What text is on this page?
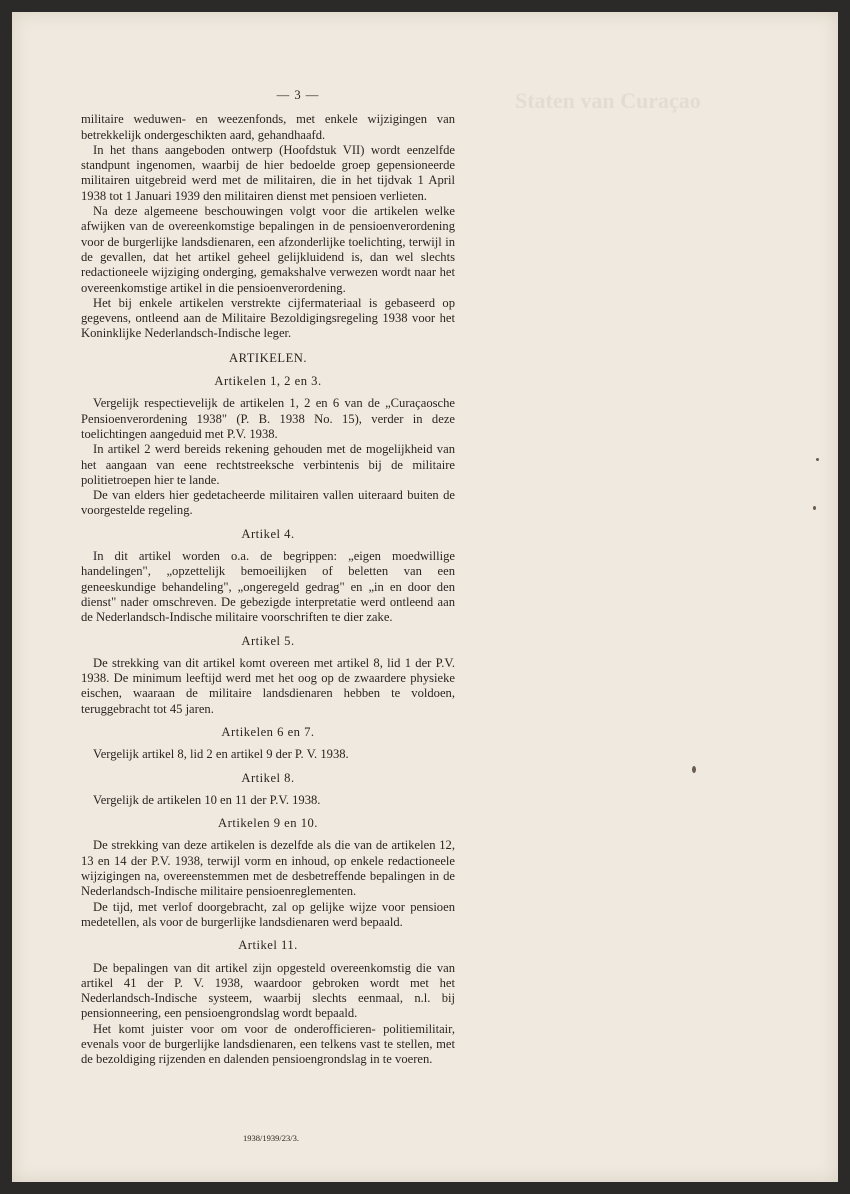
Staten van Curaçao
— 3 —

militaire weduwen- en weezenfonds, met enkele wijzigingen van betrekkelijk ondergeschikten aard, gehandhaafd.

In het thans aangeboden ontwerp (Hoofdstuk VII) wordt eenzelfde standpunt ingenomen, waarbij de hier bedoelde groep gepensioneerde militairen uitgebreid werd met de militairen, die in het tijdvak 1 April 1938 tot 1 Januari 1939 den militairen dienst met pensioen verlieten.

Na deze algemeene beschouwingen volgt voor die artikelen welke afwijken van de overeenkomstige bepalingen in de pensioenverordening voor de burgerlijke landsdienaren, een afzonderlijke toelichting, terwijl in de gevallen, dat het artikel geheel gelijkluidend is, dan wel slechts redactioneele wijziging onderging, gemakshalve verwezen wordt naar het overeenkomstige artikel in die pensioenverordening.

Het bij enkele artikelen verstrekte cijfermateriaal is gebaseerd op gegevens, ontleend aan de Militaire Bezoldigingsregeling 1938 voor het Koninklijke Nederlandsch-Indische leger.

ARTIKELEN.
Artikelen 1, 2 en 3.

Vergelijk respectievelijk de artikelen 1, 2 en 6 van de „Curaçaosche Pensioenverordening 1938" (P. B. 1938 No. 15), verder in deze toelichtingen aangeduid met P.V. 1938.

In artikel 2 werd bereids rekening gehouden met de mogelijkheid van het aangaan van eene rechtstreeksche verbintenis bij de militaire politietroepen hier te lande.

De van elders hier gedetacheerde militairen vallen uiteraard buiten de voorgestelde regeling.

Artikel 4.

In dit artikel worden o.a. de begrippen: „eigen moedwillige handelingen", „opzettelijk bemoeilijken of beletten van een geneeskundige behandeling", „ongeregeld gedrag" en „in en door den dienst" nader omschreven. De gebezigde interpretatie werd ontleend aan de Nederlandsch-Indische militaire voorschriften te dier zake.

Artikel 5.

De strekking van dit artikel komt overeen met artikel 8, lid 1 der P.V. 1938. De minimum leeftijd werd met het oog op de zwaardere physieke eischen, waaraan de militaire landsdienaren hebben te voldoen, teruggebracht tot 45 jaren.

Artikelen 6 en 7.

Vergelijk artikel 8, lid 2 en artikel 9 der P. V. 1938.

Artikel 8.

Vergelijk de artikelen 10 en 11 der P.V. 1938.

Artikelen 9 en 10.

De strekking van deze artikelen is dezelfde als die van de artikelen 12, 13 en 14 der P.V. 1938, terwijl vorm en inhoud, op enkele redactioneele wijzigingen na, overeenstemmen met de desbetreffende bepalingen in de Nederlandsch-Indische militaire pensioenreglementen.

De tijd, met verlof doorgebracht, zal op gelijke wijze voor pensioen medetellen, als voor de burgerlijke landsdienaren werd bepaald.

Artikel 11.

De bepalingen van dit artikel zijn opgesteld overeenkomstig die van artikel 41 der P. V. 1938, waardoor gebroken wordt met het Nederlandsch-Indische systeem, waarbij slechts eenmaal, n.l. bij pensionneering, een pensioengrondslag wordt bepaald.

Het komt juister voor om voor de onderofficieren- politiemilitair, evenals voor de burgerlijke landsdienaren, een telkens vast te stellen, met de bezoldiging rijzenden en dalenden pensioengrondslag in te voeren.

1938/1939/23/3.
